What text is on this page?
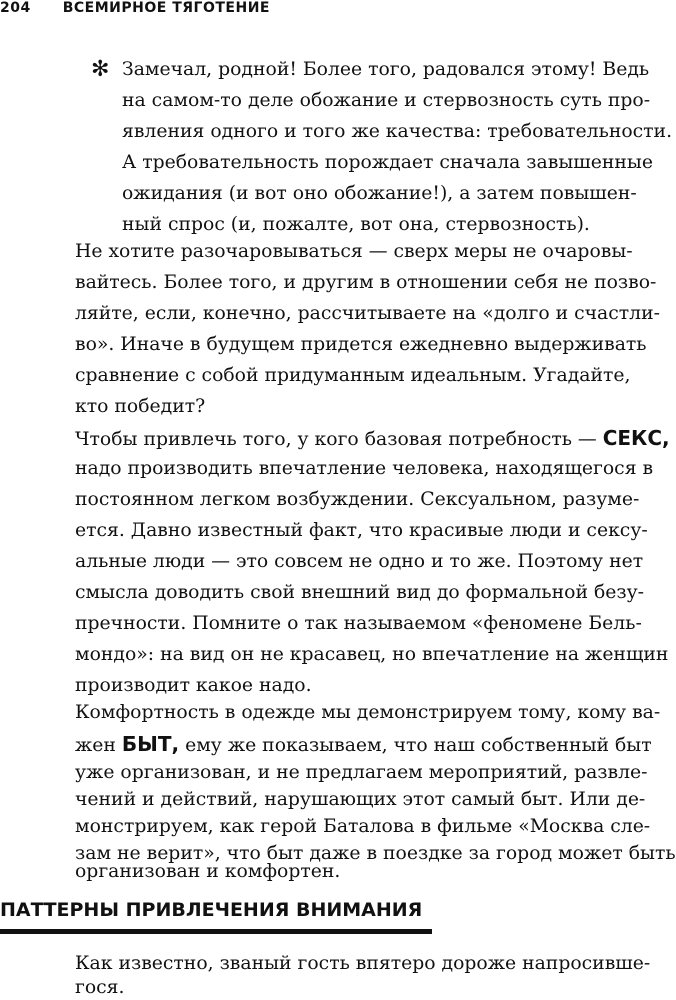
204 ВСЕМИРНОЕ ТЯГОТЕНИЕ
✻ Замечал, родной! Более того, радовался этому! Ведь

на самом-то деле обожание и стервозность суть про-

явления одного и того же качества: требовательности.

А требовательность порождает сначала завышенные

ожидания (и вот оно обожание!), а затем повышен-

ный спрос (и, пожалте, вот она, стервозность).

Не хотите разочаровываться — сверх меры не очаровы-

вайтесь. Более того, и другим в отношении себя не позво-

ляйте, если, конечно, рассчитываете на «долго и счастли-

во». Иначе в будущем придется ежедневно выдерживать

сравнение с собой придуманным идеальным. Угадайте,

кто победит?

Чтобы привлечь того, у кого базовая потребность — СЕКС,

надо производить впечатление человека, находящегося в

постоянном легком возбуждении. Сексуальном, разуме-

ется. Давно известный факт, что красивые люди и сексу-

альные люди — это совсем не одно и то же. Поэтому нет

смысла доводить свой внешний вид до формальной безу-

пречности. Помните о так называемом «феномене Бель-

мондо»: на вид он не красавец, но впечатление на женщин

производит какое надо.

Комфортность в одежде мы демонстрируем тому, кому ва-

жен БЫТ, ему же показываем, что наш собственный быт

уже организован, и не предлагаем мероприятий, развле-

чений и действий, нарушающих этот самый быт. Или де-

монстрируем, как герой Баталова в фильме «Москва сле-

зам не верит», что быт даже в поездке за город может быть

ПАТТЕРНЫ ПРИВЛЕЧЕНИЯ ВНИМАНИЯ

Как известно, званый гость впятеро дороже напросивше-

гося.

организован и комфортен.
